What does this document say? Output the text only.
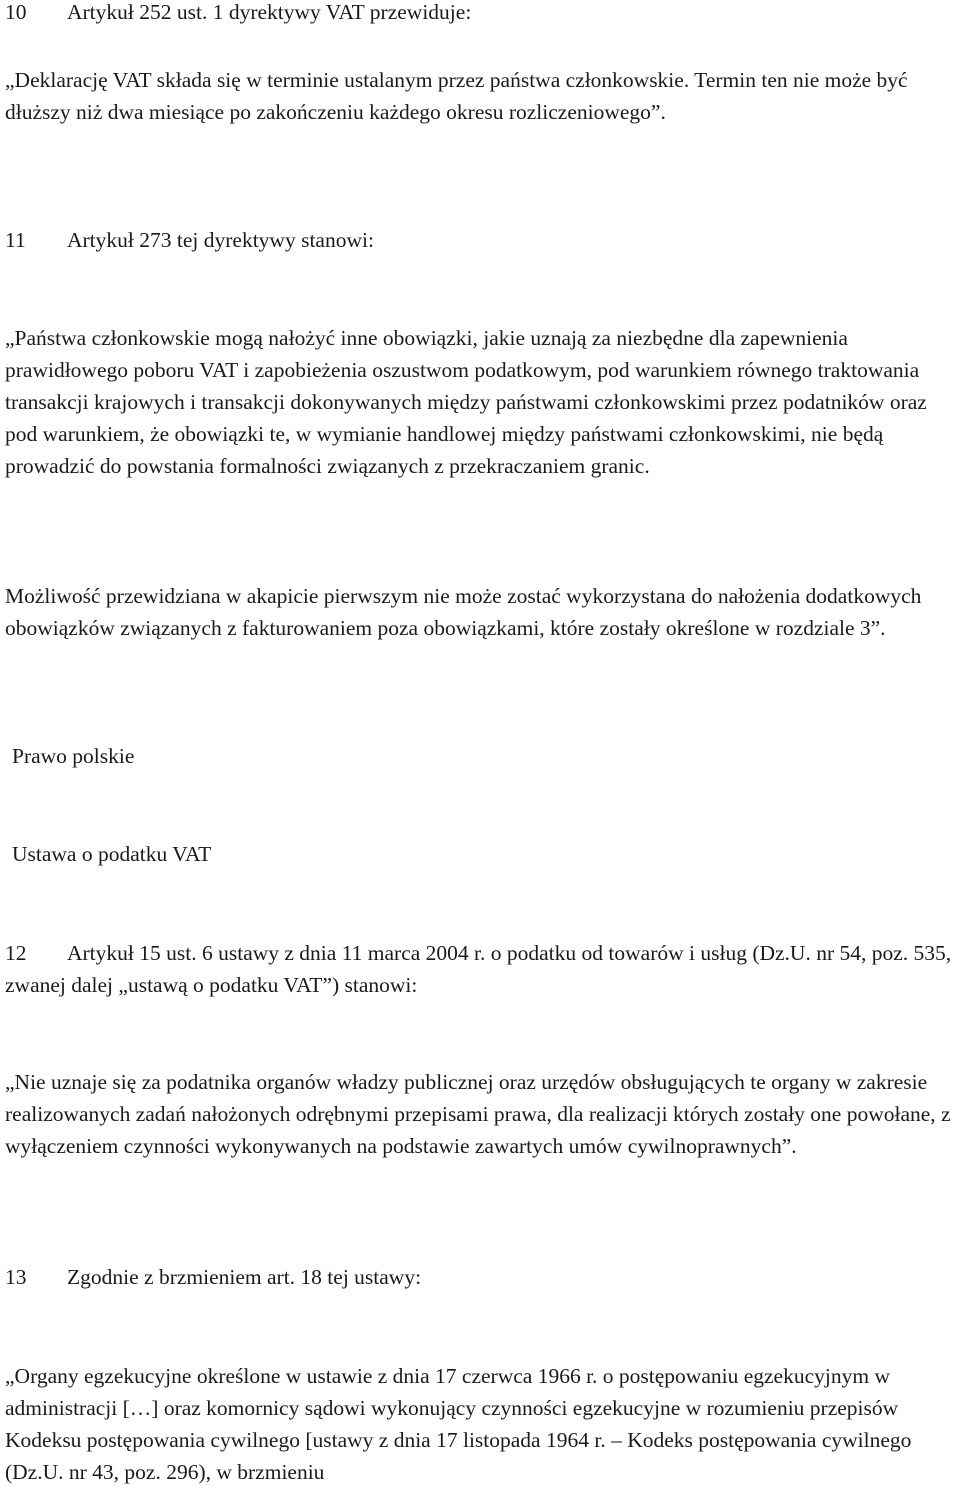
10 Artykuł 252 ust. 1 dyrektywy VAT przewiduje:

„Deklarację VAT składa się w terminie ustalanym przez państwa członkowskie. Termin ten nie może być dłuższy niż dwa miesiące po zakończeniu każdego okresu rozliczeniowego”.

11 Artykuł 273 tej dyrektywy stanowi:

„Państwa członkowskie mogą nałożyć inne obowiązki, jakie uznają za niezbędne dla zapewnienia prawidłowego poboru VAT i zapobieżenia oszustwom podatkowym, pod warunkiem równego traktowania transakcji krajowych i transakcji dokonywanych między państwami członkowskimi przez podatników oraz pod warunkiem, że obowiązki te, w wymianie handlowej między państwami członkowskimi, nie będą prowadzić do powstania formalności związanych z przekraczaniem granic.

Możliwość przewidziana w akapicie pierwszym nie może zostać wykorzystana do nałożenia dodatkowych obowiązków związanych z fakturowaniem poza obowiązkami, które zostały określone w rozdziale 3”.

Prawo polskie

Ustawa o podatku VAT

12 Artykuł 15 ust. 6 ustawy z dnia 11 marca 2004 r. o podatku od towarów i usług (Dz.U. nr 54, poz. 535, zwanej dalej „ustawą o podatku VAT”) stanowi:

„Nie uznaje się za podatnika organów władzy publicznej oraz urzędów obsługujących te organy w zakresie realizowanych zadań nałożonych odrębnymi przepisami prawa, dla realizacji których zostały one powołane, z wyłączeniem czynności wykonywanych na podstawie zawartych umów cywilnoprawnych”.

13 Zgodnie z brzmieniem art. 18 tej ustawy:

„Organy egzekucyjne określone w ustawie z dnia 17 czerwca 1966 r. o postępowaniu egzekucyjnym w administracji […] oraz komornicy sądowi wykonujący czynności egzekucyjne w rozumieniu przepisów Kodeksu postępowania cywilnego [ustawy z dnia 17 listopada 1964 r. – Kodeks postępowania cywilnego (Dz.U. nr 43, poz. 296), w brzmieniu
